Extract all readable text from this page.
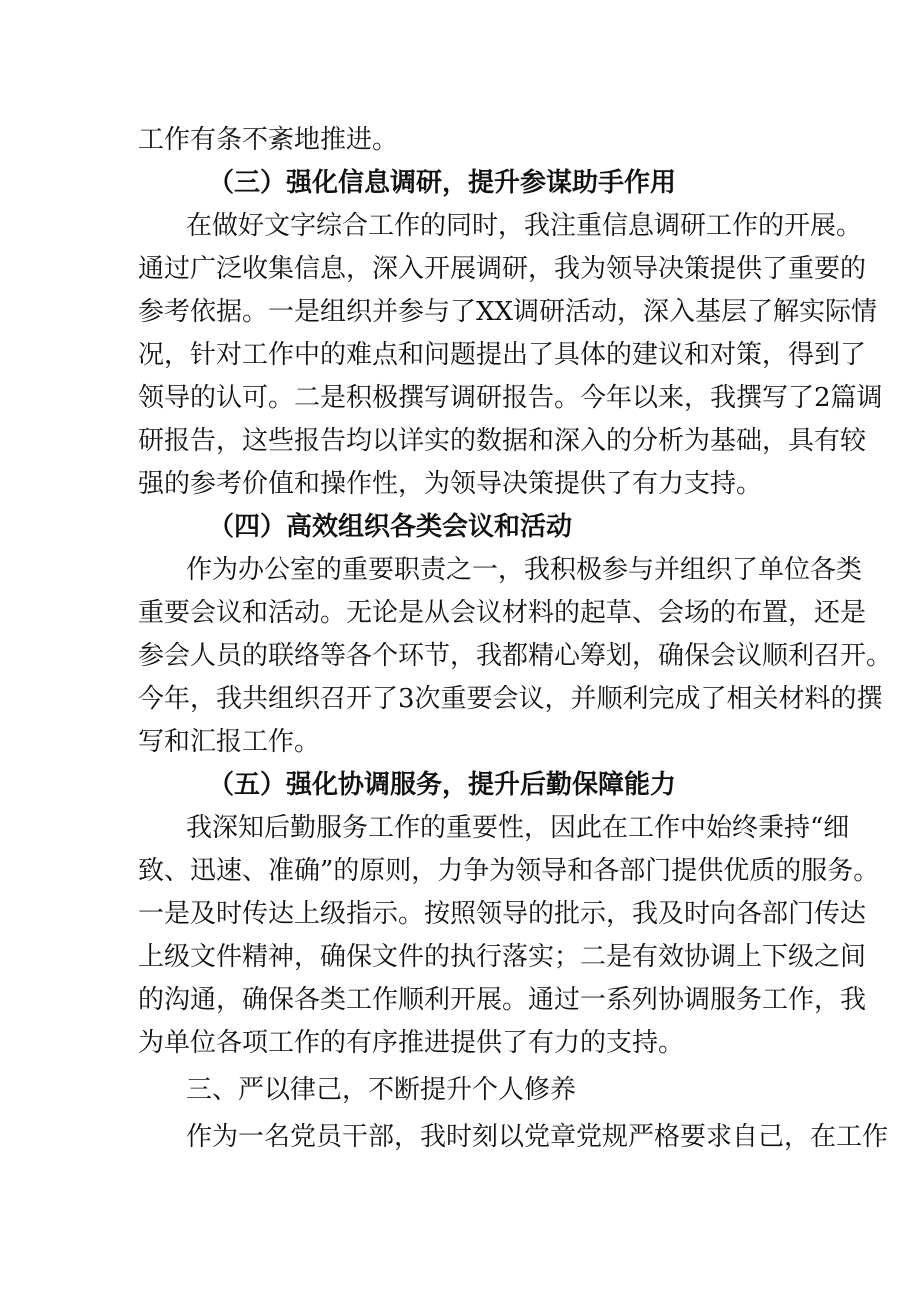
工作有条不紊地推进。
（三）强化信息调研，提升参谋助手作用
在做好文字综合工作的同时，我注重信息调研工作的开展。
通过广泛收集信息，深入开展调研，我为领导决策提供了重要的
参考依据。一是组织并参与了XX调研活动，深入基层了解实际情
况，针对工作中的难点和问题提出了具体的建议和对策，得到了
领导的认可。二是积极撰写调研报告。今年以来，我撰写了2篇调
研报告，这些报告均以详实的数据和深入的分析为基础，具有较
强的参考价值和操作性，为领导决策提供了有力支持。
（四）高效组织各类会议和活动
作为办公室的重要职责之一，我积极参与并组织了单位各类
重要会议和活动。无论是从会议材料的起草、会场的布置，还是
参会人员的联络等各个环节，我都精心筹划，确保会议顺利召开。
今年，我共组织召开了3次重要会议，并顺利完成了相关材料的撰
写和汇报工作。
（五）强化协调服务，提升后勤保障能力
我深知后勤服务工作的重要性，因此在工作中始终秉持“细
致、迅速、准确”的原则，力争为领导和各部门提供优质的服务。
一是及时传达上级指示。按照领导的批示，我及时向各部门传达
上级文件精神，确保文件的执行落实；二是有效协调上下级之间
的沟通，确保各类工作顺利开展。通过一系列协调服务工作，我
为单位各项工作的有序推进提供了有力的支持。
三、严以律己，不断提升个人修养
作为一名党员干部，我时刻以党章党规严格要求自己，在工作
